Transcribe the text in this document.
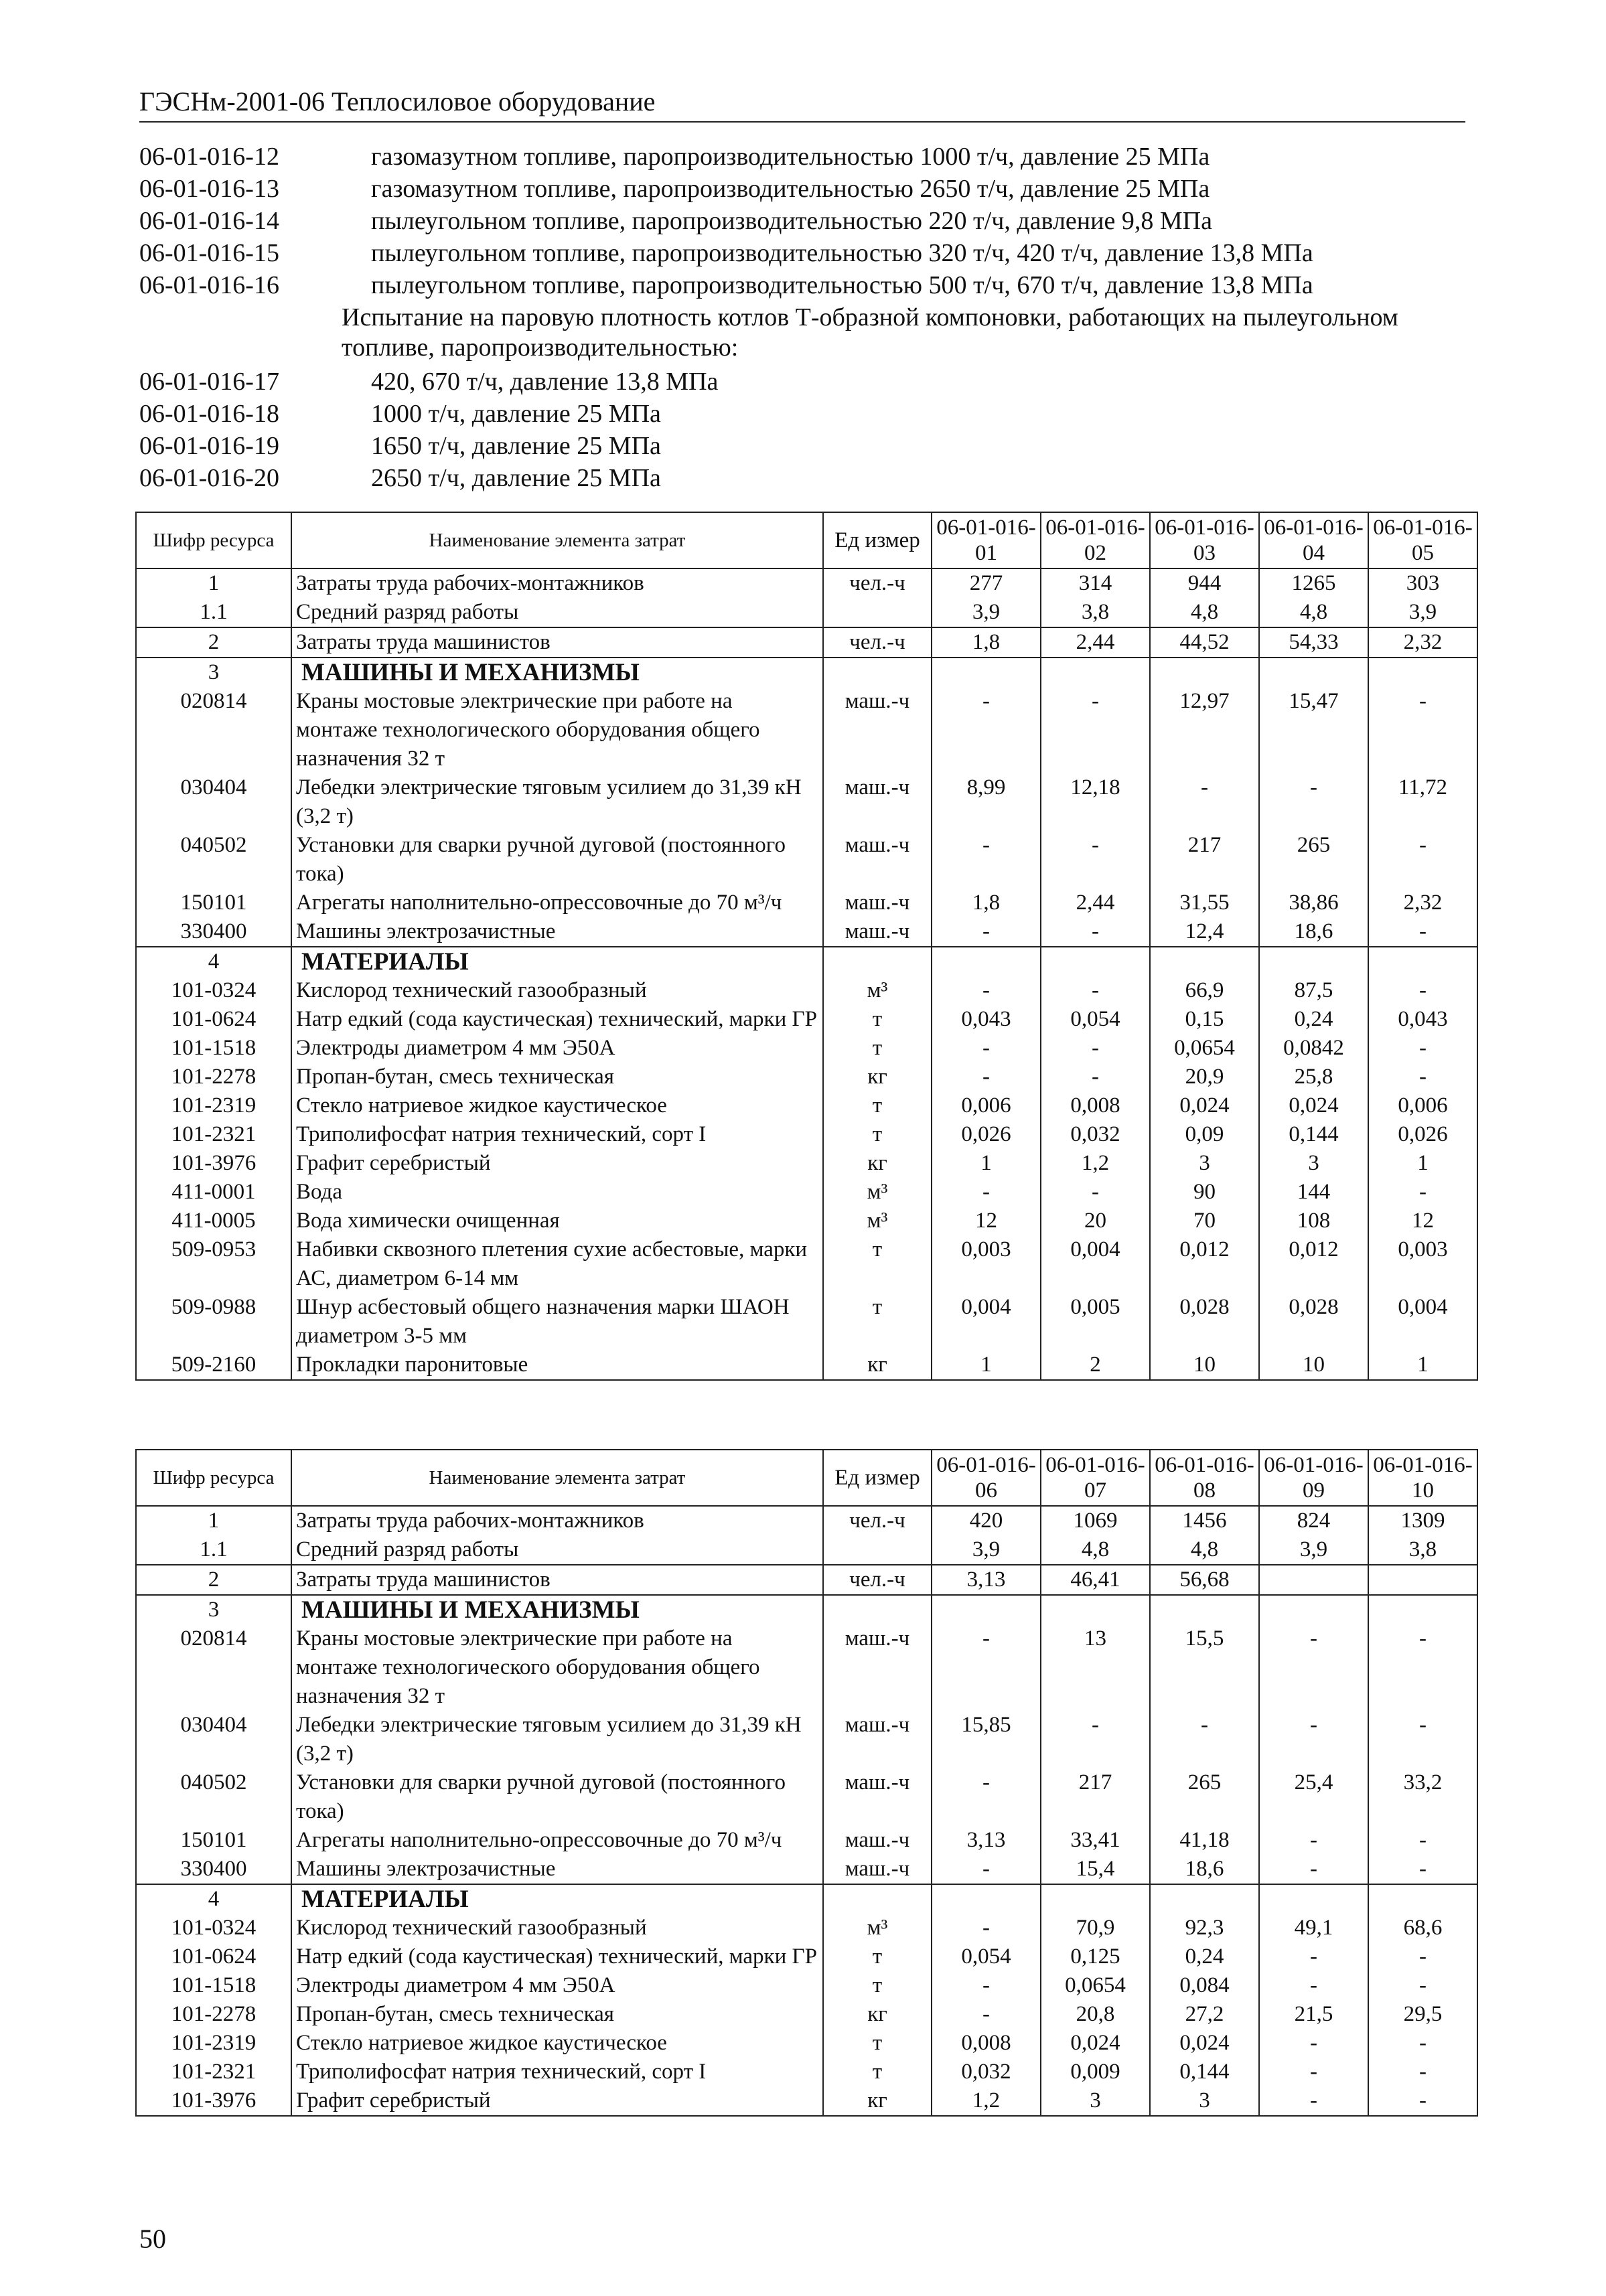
ГЭСНм-2001-06 Теплосиловое оборудование
06-01-016-12	газомазутном топливе, паропроизводительностью 1000 т/ч, давление 25 МПа
06-01-016-13	газомазутном топливе, паропроизводительностью 2650 т/ч, давление 25 МПа
06-01-016-14	пылеугольном топливе, паропроизводительностью 220 т/ч, давление 9,8 МПа
06-01-016-15	пылеугольном топливе, паропроизводительностью 320 т/ч, 420 т/ч, давление 13,8 МПа
06-01-016-16	пылеугольном топливе, паропроизводительностью 500 т/ч, 670 т/ч, давление 13,8 МПа
Испытание на паровую плотность котлов Т-образной компоновки, работающих на пылеугольном топливе, паропроизводительностью:
06-01-016-17	420, 670 т/ч, давление 13,8 МПа
06-01-016-18	1000 т/ч, давление 25 МПа
06-01-016-19	1650 т/ч, давление 25 МПа
06-01-016-20	2650 т/ч, давление 25 МПа
Шифр ресурса	Наименование элемента затрат	Ед измер	06-01-016-01	06-01-016-02	06-01-016-03	06-01-016-04	06-01-016-05
1	Затраты труда рабочих-монтажников	чел.-ч	277	314	944	1265	303
1.1	Средний разряд работы		3,9	3,8	4,8	4,8	3,9
2	Затраты труда машинистов	чел.-ч	1,8	2,44	44,52	54,33	2,32
3	МАШИНЫ И МЕХАНИЗМЫ						
020814	Краны мостовые электрические при работе на монтаже технологического оборудования общего назначения 32 т	маш.-ч	-	-	12,97	15,47	-
030404	Лебедки электрические тяговым усилием до 31,39 кН (3,2 т)	маш.-ч	8,99	12,18	-	-	11,72
040502	Установки для сварки ручной дуговой (постоянного тока)	маш.-ч	-	-	217	265	-
150101	Агрегаты наполнительно-опрессовочные до 70 м³/ч	маш.-ч	1,8	2,44	31,55	38,86	2,32
330400	Машины электрозачистные	маш.-ч	-	-	12,4	18,6	-
4	МАТЕРИАЛЫ						
101-0324	Кислород технический газообразный	м³	-	-	66,9	87,5	-
101-0624	Натр едкий (сода каустическая) технический, марки ГР	т	0,043	0,054	0,15	0,24	0,043
101-1518	Электроды диаметром 4 мм Э50А	т	-	-	0,0654	0,0842	-
101-2278	Пропан-бутан, смесь техническая	кг	-	-	20,9	25,8	-
101-2319	Стекло натриевое жидкое каустическое	т	0,006	0,008	0,024	0,024	0,006
101-2321	Триполифосфат натрия технический, сорт I	т	0,026	0,032	0,09	0,144	0,026
101-3976	Графит серебристый	кг	1	1,2	3	3	1
411-0001	Вода	м³	-	-	90	144	-
411-0005	Вода химически очищенная	м³	12	20	70	108	12
509-0953	Набивки сквозного плетения сухие асбестовые, марки АС, диаметром 6-14 мм	т	0,003	0,004	0,012	0,012	0,003
509-0988	Шнур асбестовый общего назначения марки ШАОН диаметром 3-5 мм	т	0,004	0,005	0,028	0,028	0,004
509-2160	Прокладки паронитовые	кг	1	2	10	10	1
Шифр ресурса	Наименование элемента затрат	Ед измер	06-01-016-06	06-01-016-07	06-01-016-08	06-01-016-09	06-01-016-10
1	Затраты труда рабочих-монтажников	чел.-ч	420	1069	1456	824	1309
1.1	Средний разряд работы		3,9	4,8	4,8	3,9	3,8
2	Затраты труда машинистов	чел.-ч	3,13	46,41	56,68		
3	МАШИНЫ И МЕХАНИЗМЫ						
020814	Краны мостовые электрические при работе на монтаже технологического оборудования общего назначения 32 т	маш.-ч	-	13	15,5	-	-
030404	Лебедки электрические тяговым усилием до 31,39 кН (3,2 т)	маш.-ч	15,85	-	-	-	-
040502	Установки для сварки ручной дуговой (постоянного тока)	маш.-ч	-	217	265	25,4	33,2
150101	Агрегаты наполнительно-опрессовочные до 70 м³/ч	маш.-ч	3,13	33,41	41,18	-	-
330400	Машины электрозачистные	маш.-ч	-	15,4	18,6	-	-
4	МАТЕРИАЛЫ						
101-0324	Кислород технический газообразный	м³	-	70,9	92,3	49,1	68,6
101-0624	Натр едкий (сода каустическая) технический, марки ГР	т	0,054	0,125	0,24	-	-
101-1518	Электроды диаметром 4 мм Э50А	т	-	0,0654	0,084	-	-
101-2278	Пропан-бутан, смесь техническая	кг	-	20,8	27,2	21,5	29,5
101-2319	Стекло натриевое жидкое каустическое	т	0,008	0,024	0,024	-	-
101-2321	Триполифосфат натрия технический, сорт I	т	0,032	0,009	0,144	-	-
101-3976	Графит серебристый	кг	1,2	3	3	-	-
50
